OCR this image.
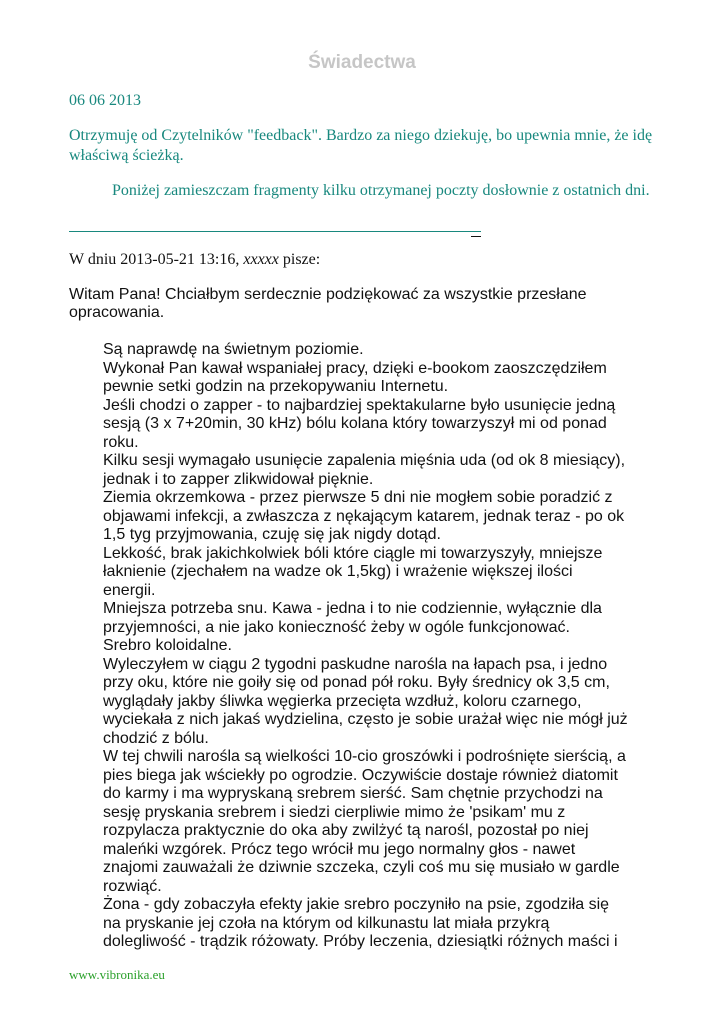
Świadectwa
06 06 2013
Otrzymuję od Czytelników "feedback". Bardzo za niego dziekuję, bo upewnia mnie, że idę właściwą ścieżką.
Poniżej zamieszczam fragmenty kilku otrzymanej poczty dosłownie z ostatnich dni.
W dniu 2013-05-21 13:16, xxxxx pisze:
Witam Pana! Chciałbym serdecznie podziękować za wszystkie przesłane opracowania.

Są naprawdę na świetnym poziomie.

Wykonał Pan kawał wspaniałej pracy, dzięki e-bookom zaoszczędziłem pewnie setki godzin na przekopywaniu Internetu.

Jeśli chodzi o zapper - to najbardziej spektakularne było usunięcie jedną sesją (3 x 7+20min, 30 kHz) bólu kolana który towarzyszył mi od ponad roku.

Kilku sesji wymagało usunięcie zapalenia mięśnia uda (od ok 8 miesiący), jednak i to zapper zlikwidował pięknie.

Ziemia okrzemkowa - przez pierwsze 5 dni nie mogłem sobie poradzić z objawami infekcji, a zwłaszcza z nękającym katarem, jednak teraz - po ok 1,5 tyg przyjmowania, czuję się jak nigdy dotąd.

Lekkość, brak jakichkolwiek bóli które ciągle mi towarzyszyły, mniejsze łaknienie (zjechałem na wadze ok 1,5kg) i wrażenie większej ilości energii.

Mniejsza potrzeba snu. Kawa - jedna i to nie codziennie, wyłącznie dla przyjemności, a nie jako konieczność żeby w ogóle funkcjonować.

Srebro koloidalne.

Wyleczyłem w ciągu 2 tygodni paskudne narośla na łapach psa, i jedno przy oku, które nie goiły się od ponad pół roku. Były średnicy ok 3,5 cm, wyglądały jakby śliwka węgierka przecięta wzdłuż, koloru czarnego, wyciekała z nich jakaś wydzielina, często je sobie urażał więc nie mógł już chodzić z bólu.

W tej chwili narośla są wielkości 10-cio groszówki i podrośnięte sierścią, a pies biega jak wściekły po ogrodzie. Oczywiście dostaje również diatomit do karmy i ma wypryskaną srebrem sierść. Sam chętnie przychodzi na sesję pryskania srebrem i siedzi cierpliwie mimo że 'psikam' mu z rozpylacza praktycznie do oka aby zwilżyć tą narośl, pozostał po niej maleńki wzgórek. Prócz tego wrócił mu jego normalny głos - nawet znajomi zauważali że dziwnie szczeka, czyli coś mu się musiało w gardle rozwiąć.

Żona - gdy zobaczyła efekty jakie srebro poczyniło na psie, zgodziła się na pryskanie jej czoła na którym od kilkunastu lat miała przykrą dolegliwość - trądzik różowaty. Próby leczenia, dziesiątki różnych maści i

www.vibronika.eu
